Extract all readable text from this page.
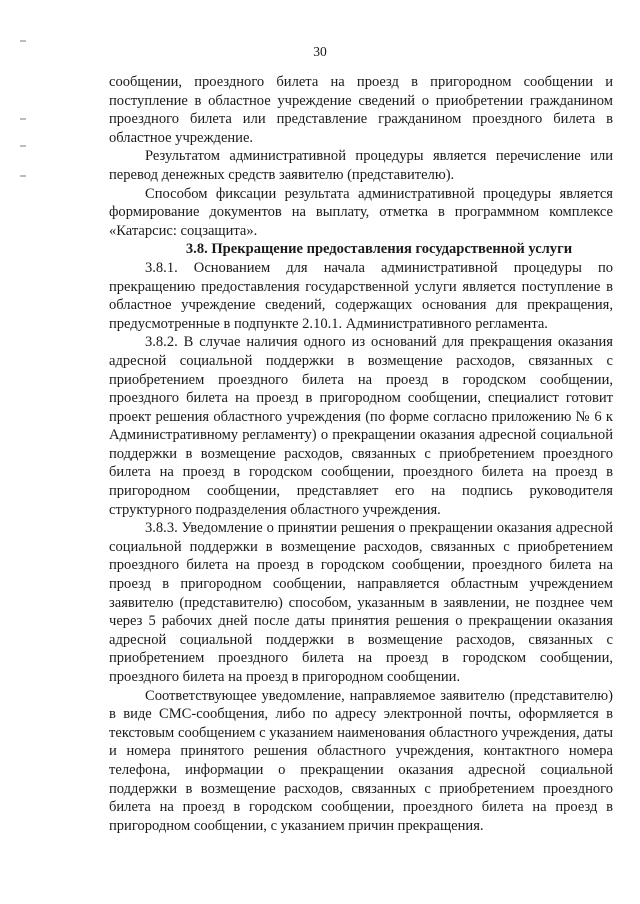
30

сообщении, проездного билета на проезд в пригородном сообщении и поступление в областное учреждение сведений о приобретении гражданином проездного билета или представление гражданином проездного билета в областное учреждение.

Результатом административной процедуры является перечисление или перевод денежных средств заявителю (представителю).

Способом фиксации результата административной процедуры является формирование документов на выплату, отметка в программном комплексе «Катарсис: соцзащита».

3.8. Прекращение предоставления государственной услуги

3.8.1. Основанием для начала административной процедуры по прекращению предоставления государственной услуги является поступление в областное учреждение сведений, содержащих основания для прекращения, предусмотренные в подпункте 2.10.1. Административного регламента.

3.8.2. В случае наличия одного из оснований для прекращения оказания адресной социальной поддержки в возмещение расходов, связанных с приобретением проездного билета на проезд в городском сообщении, проездного билета на проезд в пригородном сообщении, специалист готовит проект решения областного учреждения (по форме согласно приложению № 6 к Административному регламенту) о прекращении оказания адресной социальной поддержки в возмещение расходов, связанных с приобретением проездного билета на проезд в городском сообщении, проездного билета на проезд в пригородном сообщении, представляет его на подпись руководителя структурного подразделения областного учреждения.

3.8.3. Уведомление о принятии решения о прекращении оказания адресной социальной поддержки в возмещение расходов, связанных с приобретением проездного билета на проезд в городском сообщении, проездного билета на проезд в пригородном сообщении, направляется областным учреждением заявителю (представителю) способом, указанным в заявлении, не позднее чем через 5 рабочих дней после даты принятия решения о прекращении оказания адресной социальной поддержки в возмещение расходов, связанных с приобретением проездного билета на проезд в городском сообщении, проездного билета на проезд в пригородном сообщении.

Соответствующее уведомление, направляемое заявителю (представителю) в виде СМС-сообщения, либо по адресу электронной почты, оформляется в текстовым сообщением с указанием наименования областного учреждения, даты и номера принятого решения областного учреждения, контактного номера телефона, информации о прекращении оказания адресной социальной поддержки в возмещение расходов, связанных с приобретением проездного билета на проезд в городском сообщении, проездного билета на проезд в пригородном сообщении, с указанием причин прекращения.
